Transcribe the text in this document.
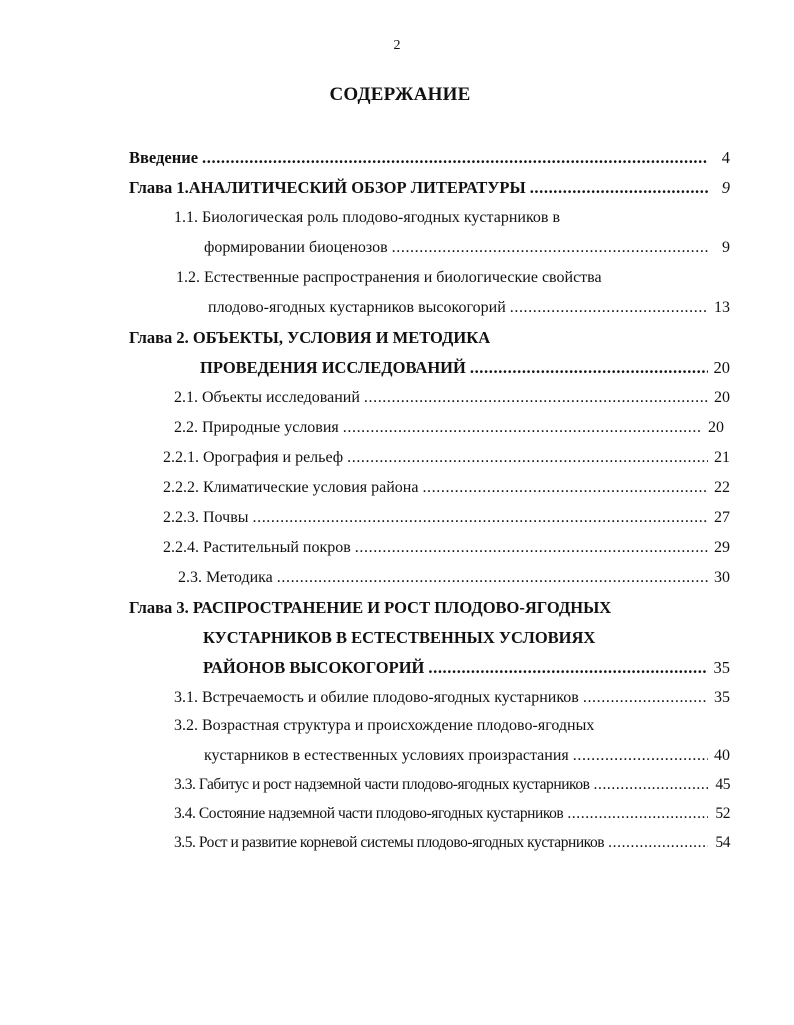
2
СОДЕРЖАНИЕ
Введение .....	4
Глава 1.АНАЛИТИЧЕСКИЙ ОБЗОР ЛИТЕРАТУРЫ .....	9
1.1. Биологическая роль плодово-ягодных кустарников в
формировании биоценозов .....	9
1.2. Естественные распространения и биологические свойства
плодово-ягодных кустарников высокогорий .....	13
Глава 2. ОБЪЕКТЫ, УСЛОВИЯ И МЕТОДИКА
ПРОВЕДЕНИЯ ИССЛЕДОВАНИЙ .....	20
2.1. Объекты исследований .....	20
2.2. Природные условия .....	20
2.2.1. Орография и рельеф .....	21
2.2.2. Климатические условия района .....	22
2.2.3. Почвы .....	27
2.2.4. Растительный покров .....	29
2.3. Методика .....	30
Глава 3. РАСПРОСТРАНЕНИЕ И РОСТ ПЛОДОВО-ЯГОДНЫХ
КУСТАРНИКОВ В ЕСТЕСТВЕННЫХ УСЛОВИЯХ
РАЙОНОВ ВЫСОКОГОРИЙ .....	35
3.1. Встречаемость и обилие плодово-ягодных кустарников .....	35
3.2. Возрастная структура и происхождение плодово-ягодных
кустарников в естественных условиях произрастания .....	40
3.3. Габитус и рост надземной части плодово-ягодных кустарников .....	45
3.4. Состояние надземной части плодово-ягодных кустарников .....	52
3.5. Рост и развитие корневой системы плодово-ягодных кустарников .....	54
